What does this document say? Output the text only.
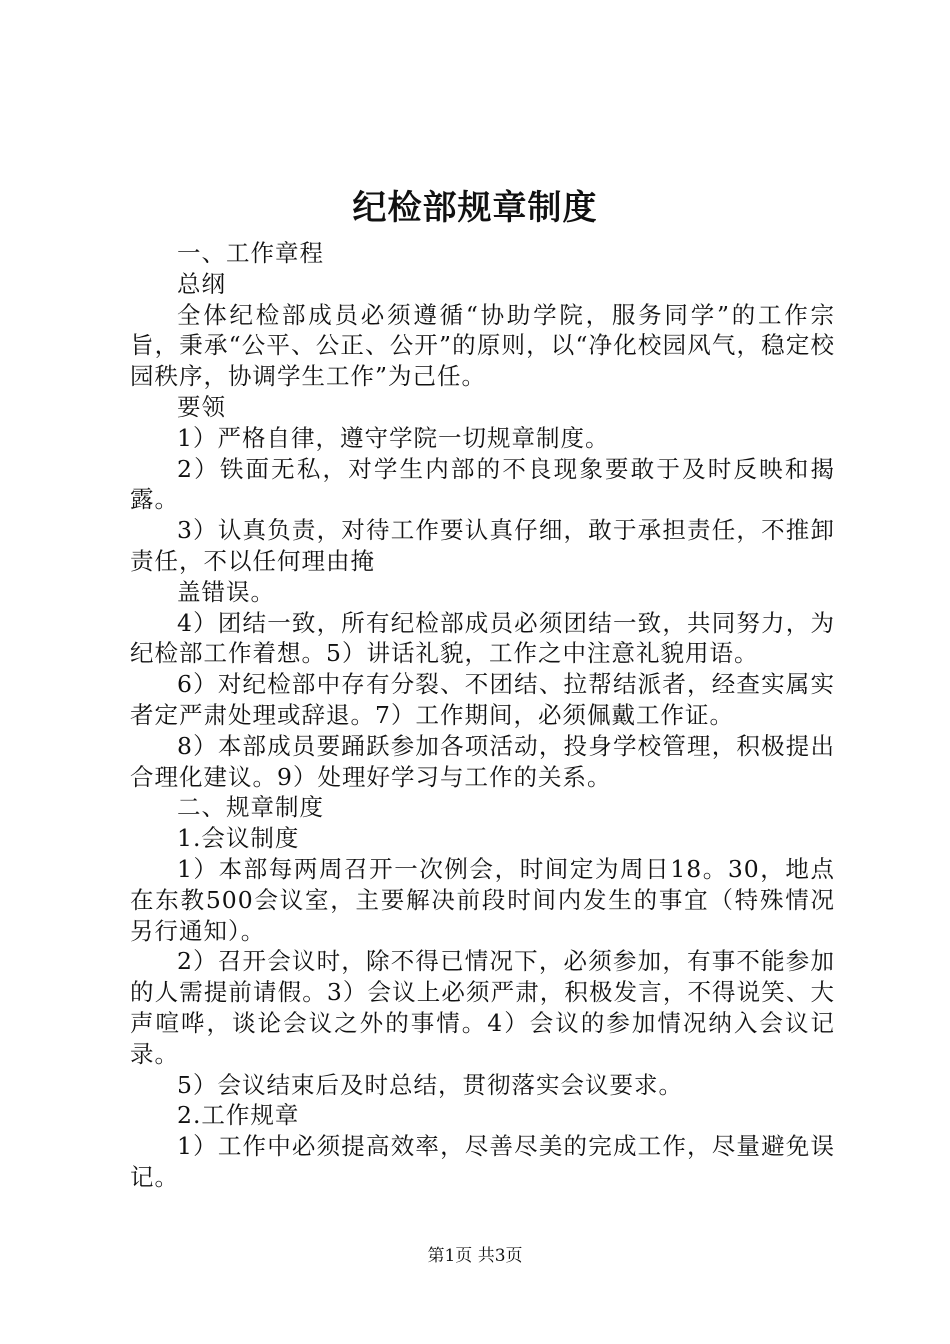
纪检部规章制度

一、工作章程

总纲

全体纪检部成员必须遵循“协助学院，服务同学”的工作宗旨，秉承“公平、公正、公开”的原则，以“净化校园风气，稳定校园秩序，协调学生工作”为己任。

要领

1）严格自律，遵守学院一切规章制度。

2）铁面无私，对学生内部的不良现象要敢于及时反映和揭露。

3）认真负责，对待工作要认真仔细，敢于承担责任，不推卸责任，不以任何理由掩

盖错误。

4）团结一致，所有纪检部成员必须团结一致，共同努力，为纪检部工作着想。5）讲话礼貌，工作之中注意礼貌用语。

6）对纪检部中存有分裂、不团结、拉帮结派者，经查实属实者定严肃处理或辞退。7）工作期间，必须佩戴工作证。

8）本部成员要踊跃参加各项活动，投身学校管理，积极提出合理化建议。9）处理好学习与工作的关系。

二、规章制度

1.会议制度

1）本部每两周召开一次例会，时间定为周日18。30，地点在东教500会议室，主要解决前段时间内发生的事宜（特殊情况另行通知）。

2）召开会议时，除不得已情况下，必须参加，有事不能参加的人需提前请假。3）会议上必须严肃，积极发言，不得说笑、大声喧哗，谈论会议之外的事情。4）会议的参加情况纳入会议记录。

5）会议结束后及时总结，贯彻落实会议要求。

2.工作规章

1）工作中必须提高效率，尽善尽美的完成工作，尽量避免误记。

第1页 共3页
